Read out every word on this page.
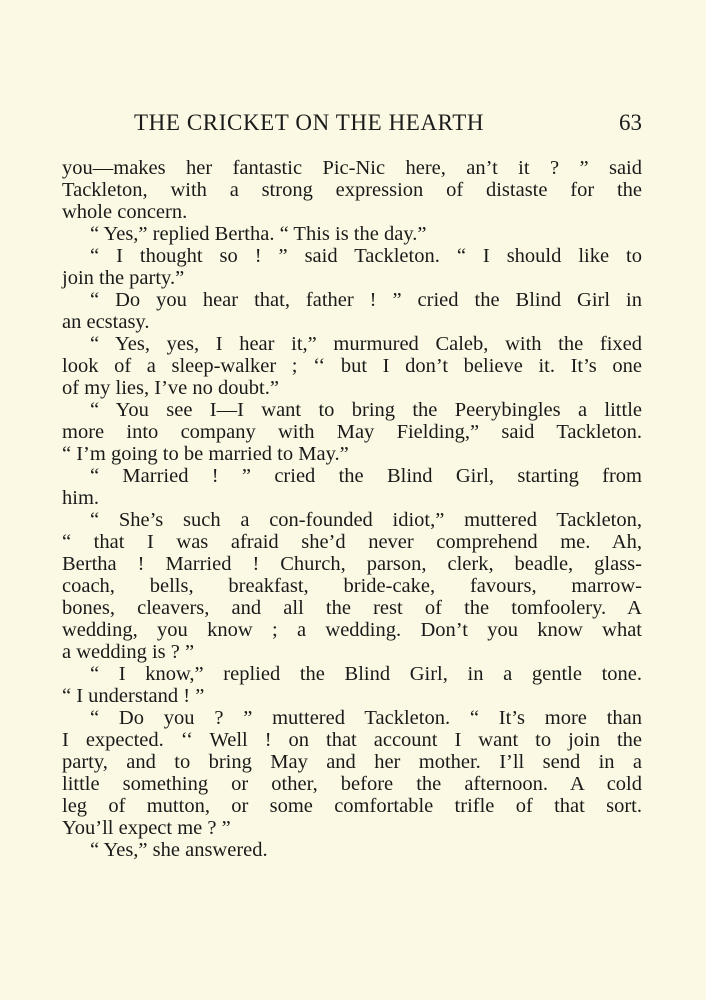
THE CRICKET ON THE HEARTH	63
you—makes her fantastic Pic-Nic here, an’t it ? ” said
Tackleton, with a strong expression of distaste for the
whole concern.
“ Yes,” replied Bertha. “ This is the day.”
“ I thought so ! ” said Tackleton. “ I should like to
join the party.”
“ Do you hear that, father ! ” cried the Blind Girl in
an ecstasy.
“ Yes, yes, I hear it,” murmured Caleb, with the fixed
look of a sleep-walker ; ‘‘ but I don’t believe it. It’s one
of my lies, I’ve no doubt.”
“ You see I—I want to bring the Peerybingles a little
more into company with May Fielding,” said Tackleton.
“ I’m going to be married to May.”
“ Married ! ” cried the Blind Girl, starting from
him.
“ She’s such a con-founded idiot,” muttered Tackleton,
“ that I was afraid she’d never comprehend me. Ah,
Bertha ! Married ! Church, parson, clerk, beadle, glass-
coach, bells, breakfast, bride-cake, favours, marrow-
bones, cleavers, and all the rest of the tomfoolery. A
wedding, you know ; a wedding. Don’t you know what
a wedding is ? ”
“ I know,” replied the Blind Girl, in a gentle tone.
“ I understand ! ”
“ Do you ? ” muttered Tackleton. “ It’s more than
I expected. ‘‘ Well ! on that account I want to join the
party, and to bring May and her mother. I’ll send in a
little something or other, before the afternoon. A cold
leg of mutton, or some comfortable trifle of that sort.
You’ll expect me ? ”
“ Yes,” she answered.
